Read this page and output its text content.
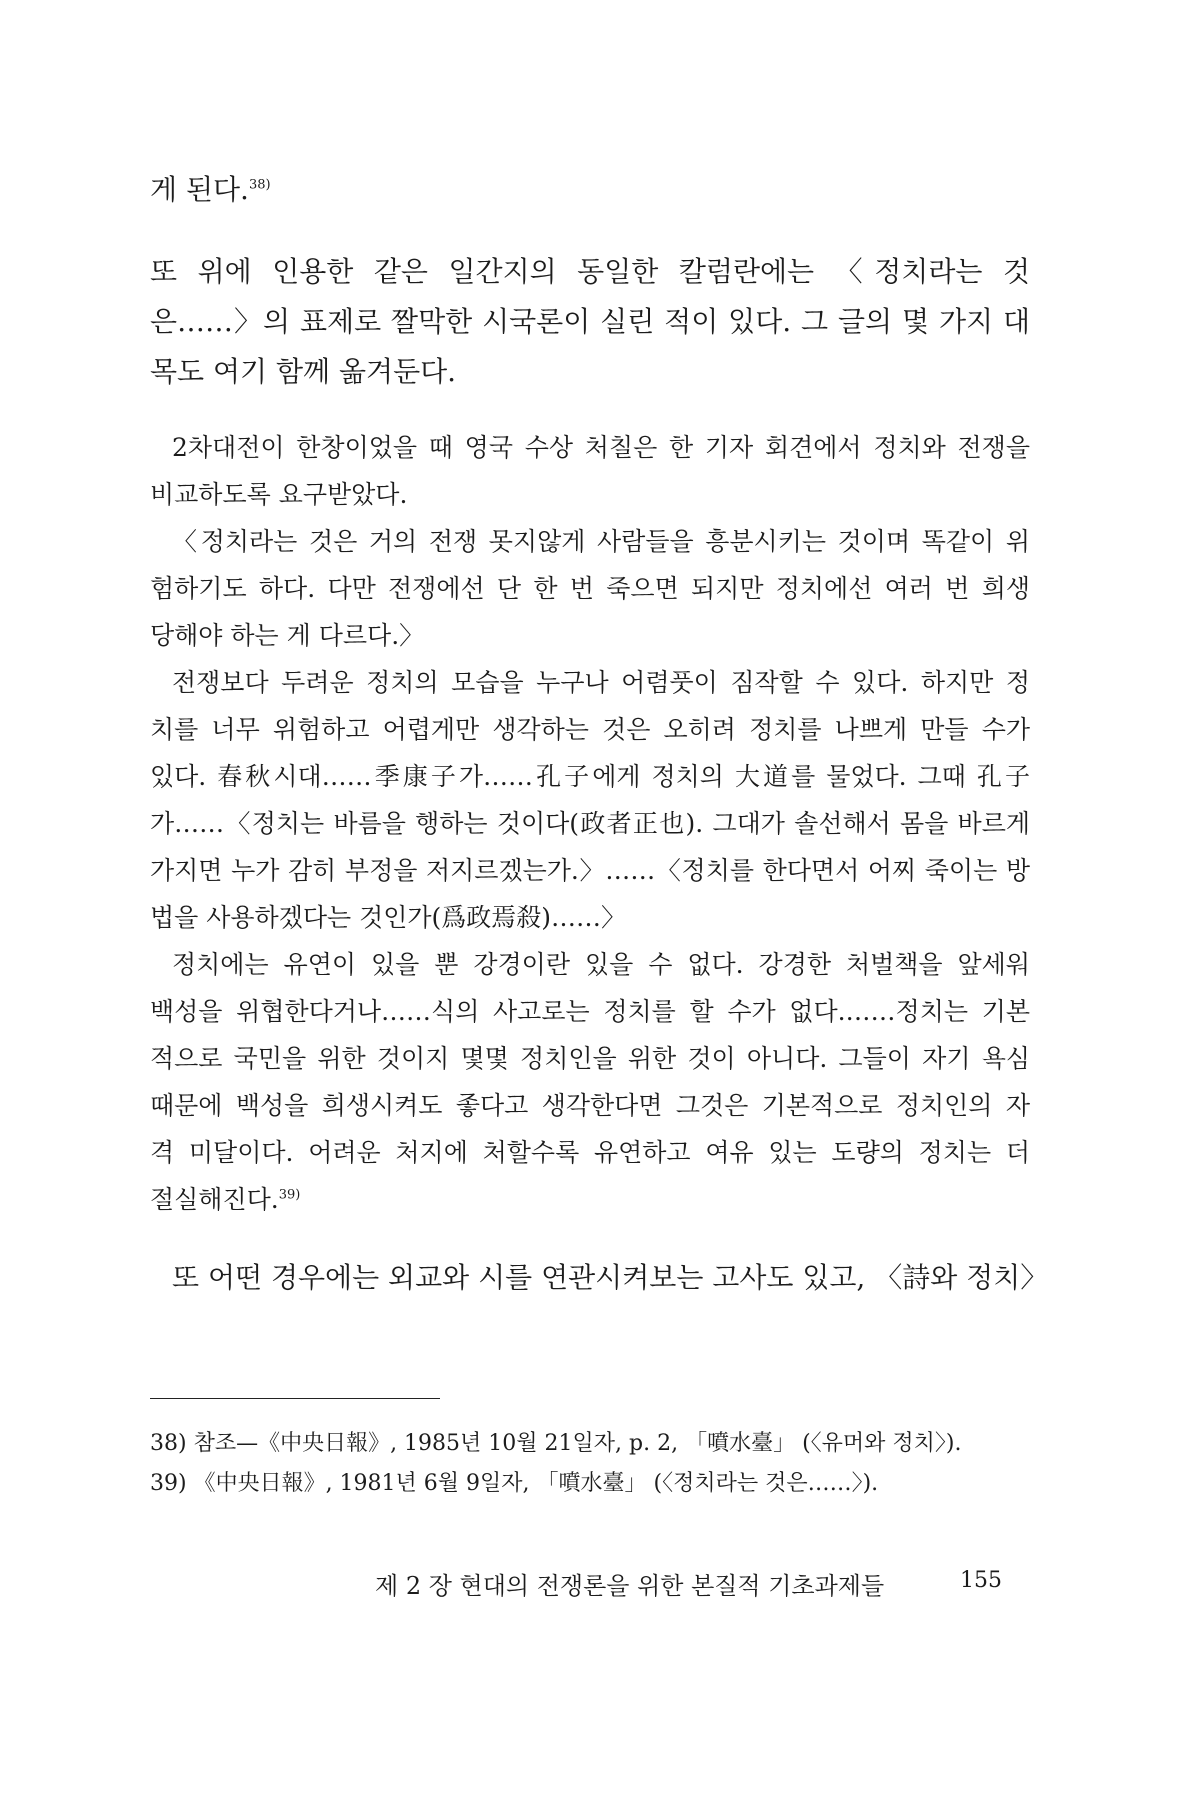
게 된다.$^{38)}$
또 위에 인용한 같은 일간지의 동일한 칼럼란에는 〈정치라는 것
은……〉의 표제로 짤막한 시국론이 실린 적이 있다. 그 글의 몇 가지 대
목도 여기 함께 옮겨둔다.
2차대전이 한창이었을 때 영국 수상 처칠은 한 기자 회견에서 정치와 전쟁을
비교하도록 요구받았다.
〈정치라는 것은 거의 전쟁 못지않게 사람들을 흥분시키는 것이며 똑같이 위
험하기도 하다. 다만 전쟁에선 단 한 번 죽으면 되지만 정치에선 여러 번 희생
당해야 하는 게 다르다.〉
전쟁보다 두려운 정치의 모습을 누구나 어렴풋이 짐작할 수 있다. 하지만 정
치를 너무 위험하고 어렵게만 생각하는 것은 오히려 정치를 나쁘게 만들 수가
있다. 春秋시대……季康子가……孔子에게 정치의 大道를 물었다. 그때 孔子
가……〈정치는 바름을 행하는 것이다(政者正也). 그대가 솔선해서 몸을 바르게
가지면 누가 감히 부정을 저지르겠는가.〉……〈정치를 한다면서 어찌 죽이는 방
법을 사용하겠다는 것인가(爲政焉殺)……〉
정치에는 유연이 있을 뿐 강경이란 있을 수 없다. 강경한 처벌책을 앞세워
백성을 위협한다거나……식의 사고로는 정치를 할 수가 없다.……정치는 기본
적으로 국민을 위한 것이지 몇몇 정치인을 위한 것이 아니다. 그들이 자기 욕심
때문에 백성을 희생시켜도 좋다고 생각한다면 그것은 기본적으로 정치인의 자
격 미달이다. 어려운 처지에 처할수록 유연하고 여유 있는 도량의 정치는 더
절실해진다.$^{39)}$
또 어떤 경우에는 외교와 시를 연관시켜보는 고사도 있고, 〈詩와 정치〉
38) 참조—《中央日報》, 1985년 10월 21일자, p. 2, 「噴水臺」 (〈유머와 정치〉).
39) 《中央日報》, 1981년 6월 9일자, 「噴水臺」 (〈정치라는 것은……〉).
제 2 장 현대의 전쟁론을 위한 본질적 기초과제들	155
